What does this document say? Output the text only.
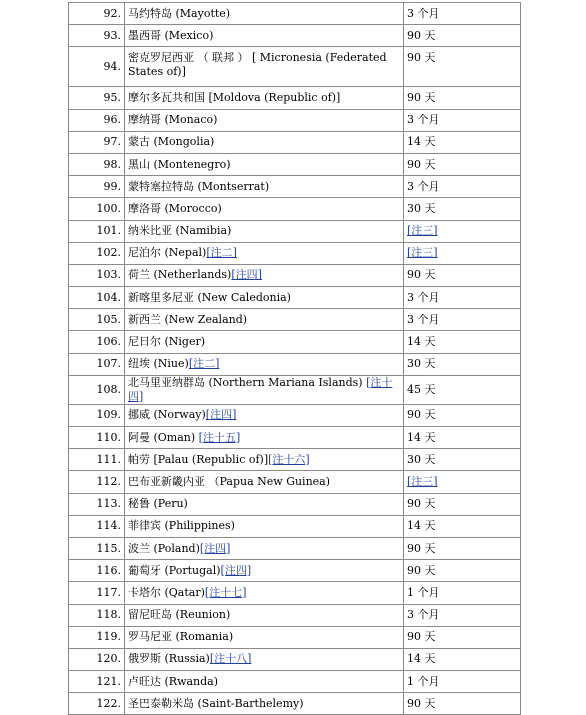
92.	马约特岛 (Mayotte)	3 个月
93.	墨西哥 (Mexico)	90 天
94.	密克罗尼西亚 （ 联邦 ） [ Micronesia (Federated States of)]	90 天
95.	摩尔多瓦共和国 [Moldova (Republic of)]	90 天
96.	摩纳哥 (Monaco)	3 个月
97.	蒙古 (Mongolia)	14 天
98.	黑山 (Montenegro)	90 天
99.	蒙特塞拉特岛 (Montserrat)	3 个月
100.	摩洛哥 (Morocco)	30 天
101.	纳米比亚 (Namibia)	[注三]
102.	尼泊尔 (Nepal)[注二]	[注三]
103.	荷兰 (Netherlands)[注四]	90 天
104.	新喀里多尼亚 (New Caledonia)	3 个月
105.	新西兰 (New Zealand)	3 个月
106.	尼日尔 (Niger)	14 天
107.	纽埃 (Niue)[注二]	30 天
108.	北马里亚纳群岛 (Northern Mariana Islands) [注十四]	45 天
109.	挪威 (Norway)[注四]	90 天
110.	阿曼 (Oman) [注十五]	14 天
111.	帕劳 [Palau (Republic of)][注十六]	30 天
112.	巴布亚新畿内亚 （Papua New Guinea)	[注三]
113.	秘鲁 (Peru)	90 天
114.	菲律宾 (Philippines)	14 天
115.	波兰 (Poland)[注四]	90 天
116.	葡萄牙 (Portugal)[注四]	90 天
117.	卡塔尔 (Qatar)[注十七]	1 个月
118.	留尼旺岛 (Reunion)	3 个月
119.	罗马尼亚 (Romania)	90 天
120.	俄罗斯 (Russia)[注十八]	14 天
121.	卢旺达 (Rwanda)	1 个月
122.	圣巴泰勒米岛 (Saint-Barthelemy)	90 天
